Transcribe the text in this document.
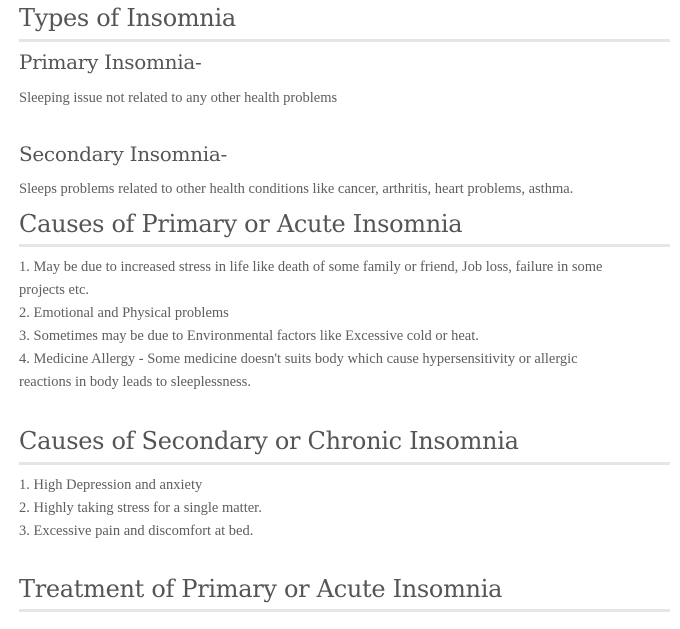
Types of Insomnia
Primary Insomnia-

Sleeping issue not related to any other health problems

Secondary Insomnia-

Sleeps problems related to other health conditions like cancer, arthritis, heart problems, asthma.

Causes of Primary or Acute Insomnia
1. May be due to increased stress in life like death of some family or friend, Job loss, failure in some
projects etc.
2. Emotional and Physical problems
3. Sometimes may be due to Environmental factors like Excessive cold or heat.
4. Medicine Allergy - Some medicine doesn't suits body which cause hypersensitivity or allergic
reactions in body leads to sleeplessness.
Causes of Secondary or Chronic Insomnia
1. High Depression and anxiety
2. Highly taking stress for a single matter.
3. Excessive pain and discomfort at bed.
Treatment of Primary or Acute Insomnia
